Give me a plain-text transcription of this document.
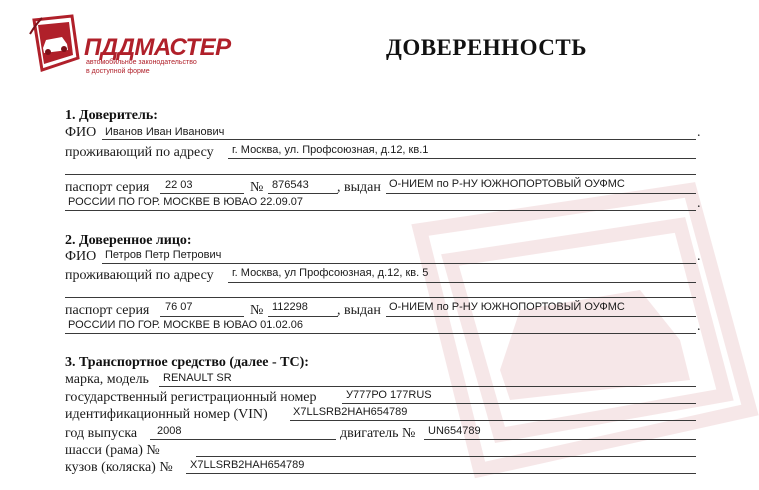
ПДДМАСТЕР
автомобильное законодательство
в доступной форме
ДОВЕРЕННОСТЬ
1. Доверитель:
ФИО Иванов Иван Иванович	.
проживающий по адресу г. Москва, ул. Профсоюзная, д.12, кв.1
паспорт серия 22 03	№ 876543 , выдан О-НИЕМ по Р-НУ ЮЖНОПОРТОВЫЙ ОУФМС
РОССИИ ПО ГОР. МОСКВЕ В ЮВАО 22.09.07	.
2. Доверенное лицо:
ФИО Петров Петр Петрович	.
проживающий по адресу г. Москва, ул Профсоюзная, д.12, кв. 5
паспорт серия 76 07	№ 112298 , выдан О-НИЕМ по Р-НУ ЮЖНОПОРТОВЫЙ ОУФМС
РОССИИ ПО ГОР. МОСКВЕ В ЮВАО 01.02.06	.
3. Транспортное средство (далее - ТС):
марка, модель RENAULT SR
государственный регистрационный номер	У777РО 177RUS
идентификационный номер (VIN) X7LLSRB2HAH654789
год выпуска 2008	двигатель № UN654789
шасси (рама) №
кузов (коляска) № X7LLSRB2HAH654789
